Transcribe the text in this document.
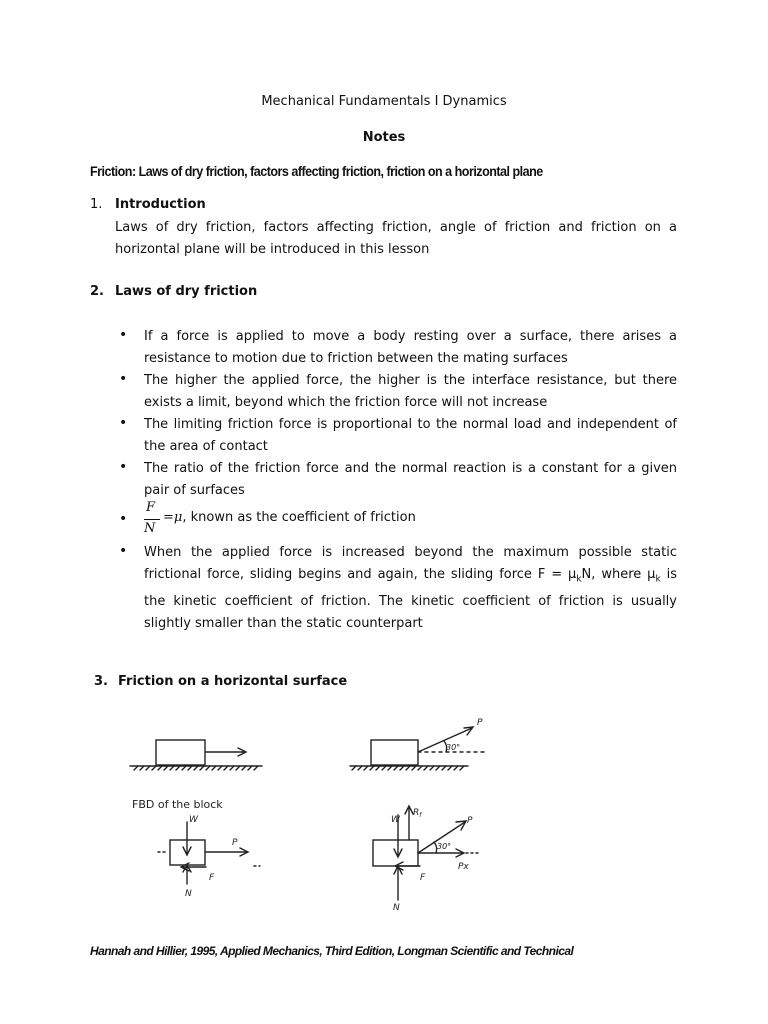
Mechanical Fundamentals I Dynamics
Notes
Friction: Laws of dry friction, factors affecting friction, friction on a horizontal plane
1. Introduction
Laws of dry friction, factors affecting friction, angle of friction and friction on a horizontal plane will be introduced in this lesson
2. Laws of dry friction
• If a force is applied to move a body resting over a surface, there arises a resistance to motion due to friction between the mating surfaces
• The higher the applied force, the higher is the interface resistance, but there exists a limit, beyond which the friction force will not increase
• The limiting friction force is proportional to the normal load and independent of the area of contact
• The ratio of the friction force and the normal reaction is a constant for a given pair of surfaces
•
F
N
=μ, known as the coefficient of friction
• When the applied force is increased beyond the maximum possible static frictional force, sliding begins and again, the sliding force $F = \mu_kN$, where $\mu_k$ is the kinetic coefficient of friction. The kinetic coefficient of friction is usually slightly smaller than the static counterpart
3. Friction on a horizontal surface
P
30°
FBD of the block
W
P
F
N
W
$R_f$
P
30°
Px
F
N
Hannah and Hillier, 1995, Applied Mechanics, Third Edition, Longman Scientific and Technical
